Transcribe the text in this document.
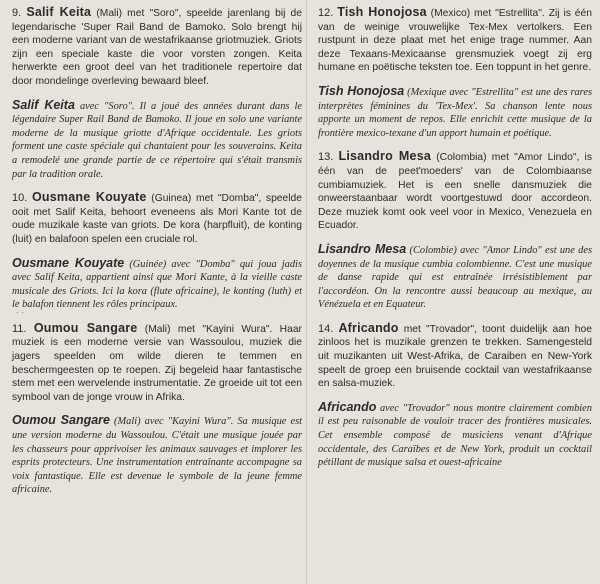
9. Salif Keita (Mali) met "Soro", speelde jarenlang bij de legendarische 'Super Rail Band de Bamoko. Solo brengt hij een moderne variant van de westafrikaanse griotmuziek. Griots zijn een speciale kaste die voor vorsten zongen. Keita herwerkte een groot deel van het traditionele repertoire dat door mondelinge overleving bewaard bleef.
Salif Keita avec "Soro". Il a joué des années durant dans le légendaire Super Rail Band de Bamoko. Il joue en solo une variante moderne de la musique griotte d'Afrique occidentale. Les griots forment une caste spéciale qui chantaient pour les souverains. Keita a remodelé une grande partie de ce répertoire qui s'était transmis par la tradition orale.
10. Ousmane Kouyate (Guinea) met "Domba", speelde ooit met Salif Keita, behoort eveneens als Mori Kante tot de oude muzikale kaste van griots. De kora (harpfluit), de konting (luit) en balafoon spelen een cruciale rol.
Ousmane Kouyate (Guinée) avec "Domba" qui joua jadis avec Salif Keita, appartient ainsi que Mori Kante, à la vieille caste musicale des Griots. Ici la kora (flute africaine), le konting (luth) et le balafon tiennent les rôles principaux.
˙ ˙
11. Oumou Sangare (Mali) met "Kayini Wura". Haar muziek is een moderne versie van Wassoulou, muziek die jagers speelden om wilde dieren te temmen en beschermgeesten op te roepen. Zij begeleid haar fantastische stem met een wervelende instrumentatie. Ze groeide uit tot een symbool van de jonge vrouw in Afrika.
Oumou Sangare (Mali) avec "Kayini Wura". Sa musique est une version moderne du Wassoulou. C'était une musique jouée par les chasseurs pour apprivoiser les animaux sauvages et implorer les esprits protecteurs. Une instrumentation entraînante accompagne sa voix fantastique. Elle est devenue le symbole de la jeune femme africaine.
12. Tish Honojosa (Mexico) met "Estrellita". Zij is één van de weinige vrouwelijke Tex-Mex vertolkers. Een rustpunt in deze plaat met het enige trage nummer. Aan deze Texaans-Mexicaanse grensmuziek voegt zij erg humane en poëtische teksten toe. Een toppunt in het genre.
Tish Honojosa (Mexique avec "Estrellita" est une des rares interprètes féminines du 'Tex-Mex'. Sa chanson lente nous apporte un moment de repos. Elle enrichit cette musique de la frontière mexico-texane d'un apport humain et poétique.
13. Lisandro Mesa (Colombia) met "Amor Lindo", is één van de peet'moeders' van de Colombiaanse cumbiamuziek. Het is een snelle dansmuziek die onweerstaanbaar wordt voortgestuwd door accordeon. Deze muziek komt ook veel voor in Mexico, Venezuela en Ecuador.
Lisandro Mesa (Colombie) avec "Amor Lindo" est une des doyennes de la musique cumbia colombienne. C'est une musique de danse rapide qui est entraînée irrésistiblement par l'accordéon. On la rencontre aussi beaucoup au mexique, au Vénézuela et en Equateur.
14. Africando met "Trovador", toont duidelijk aan hoe zinloos het is muzikale grenzen te trekken. Samengesteld uit muzikanten uit West-Afrika, de Caraiben en New-York speelt de groep een bruisende cocktail van westafrikaanse en salsa-muziek.
Africando avec "Trovador" nous montre clairement combien il est peu raisonable de vouloir tracer des frontières musicales. Cet ensemble composé de musiciens venant d'Afrique occidentale, des Caraïbes et de New York, produit un cocktail pétillant de musique salsa et ouest-africaine
